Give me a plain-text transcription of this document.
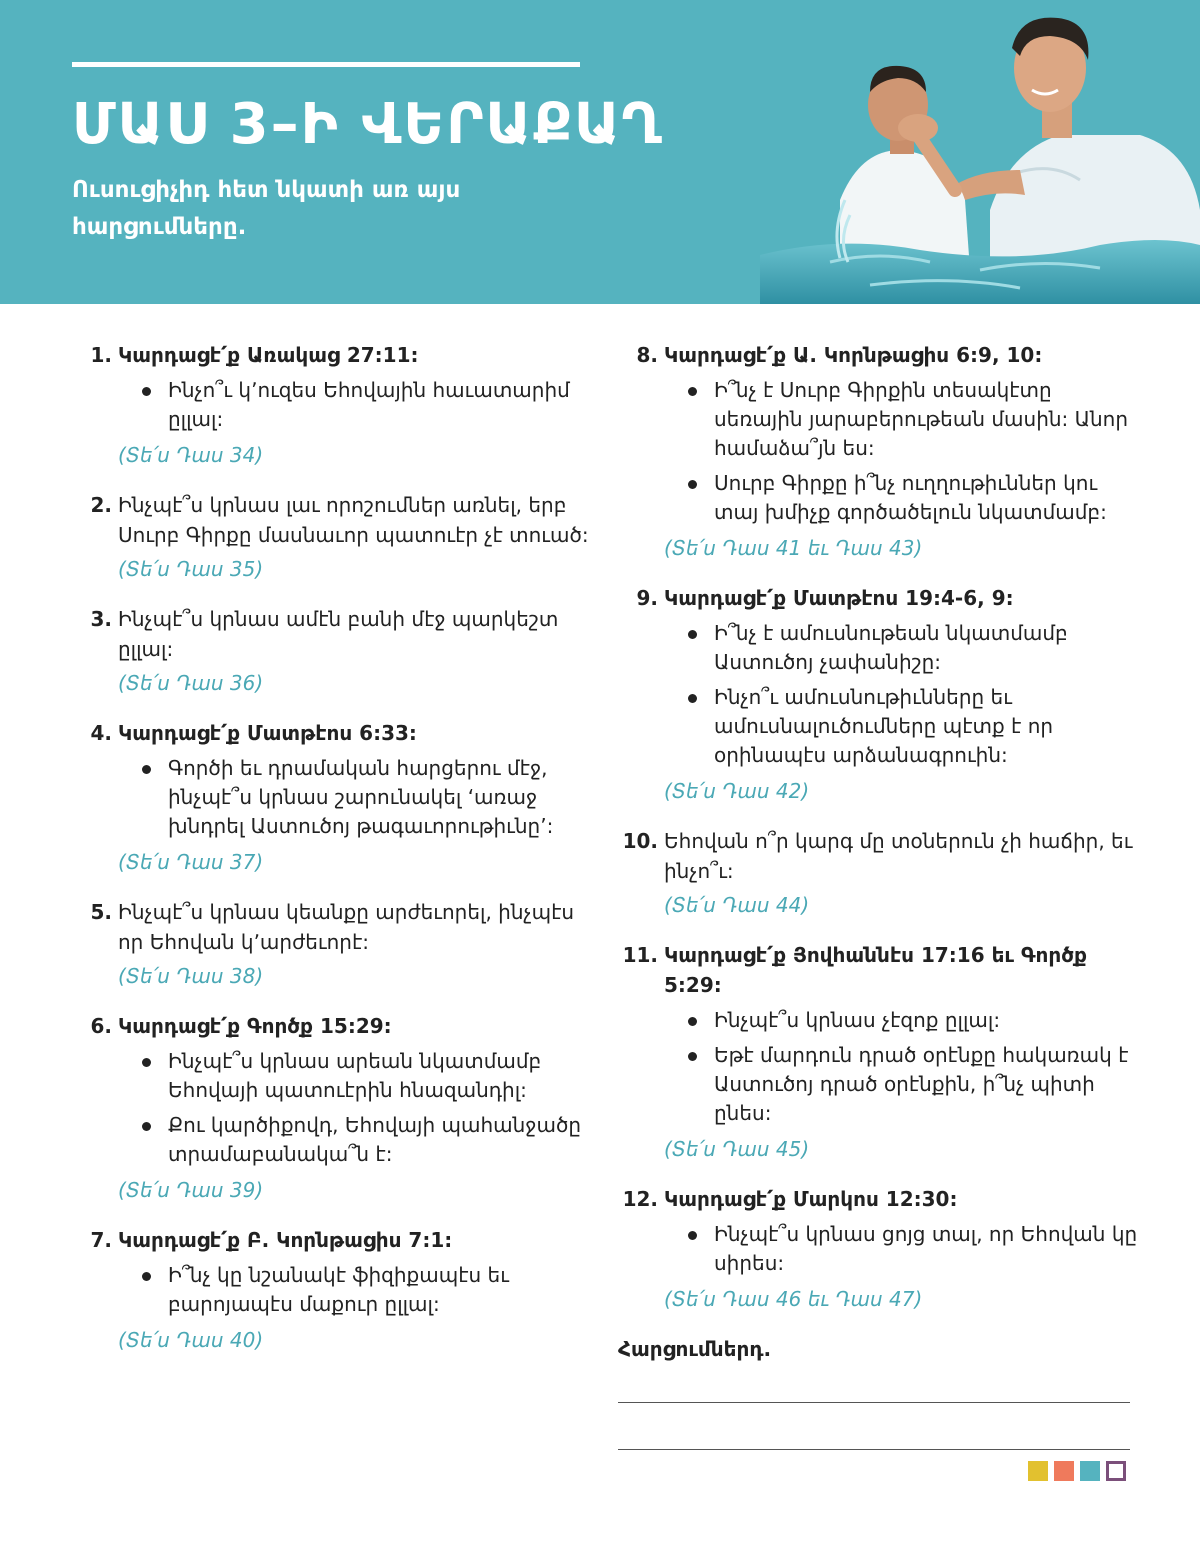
ՄԱՍ 3–Ի ՎԵՐԱՔԱՂ

Ուսուցիչիդ հետ նկատի առ այս հարցումները.

1. Կարդացէ՛ք Առակաց 27:11:
Ինչո՞ւ կ՚ուզես Եհովային հաւատարիմ ըլլալ:
(Տե՛ս Դաս 34)
2. Ինչպէ՞ս կրնաս լաւ որոշումներ առնել, երբ Սուրբ Գիրքը մասնաւոր պատուէր չէ տուած:
(Տե՛ս Դաս 35)
3. Ինչպէ՞ս կրնաս ամէն բանի մէջ պարկեշտ ըլլալ:
(Տե՛ս Դաս 36)
4. Կարդացէ՛ք Մատթէոս 6:33:
Գործի եւ դրամական հարցերու մէջ, ինչպէ՞ս կրնաս շարունակել ‘առաջ խնդրել Աստուծոյ թագաւորութիւնը’:
(Տե՛ս Դաս 37)
5. Ինչպէ՞ս կրնաս կեանքը արժեւորել, ինչպէս որ Եհովան կ՚արժեւորէ:
(Տե՛ս Դաս 38)
6. Կարդացէ՛ք Գործք 15:29:
Ինչպէ՞ս կրնաս արեան նկատմամբ Եհովայի պատուէրին հնազանդիլ:
Քու կարծիքովդ, Եհովայի պահանջածը տրամաբանակա՞ն է:
(Տե՛ս Դաս 39)
7. Կարդացէ՛ք Բ. Կորնթացիս 7:1:
Ի՞նչ կը նշանակէ ֆիզիքապէս եւ բարոյապէս մաքուր ըլլալ:
(Տե՛ս Դաս 40)
8. Կարդացէ՛ք Ա. Կորնթացիս 6:9, 10:
Ի՞նչ է Սուրբ Գիրքին տեսակէտը սեռային յարաբերութեան մասին: Անոր համաձա՞յն ես:
Սուրբ Գիրքը ի՞նչ ուղղութիւններ կու տայ խմիչք գործածելուն նկատմամբ:
(Տե՛ս Դաս 41 եւ Դաս 43)
9. Կարդացէ՛ք Մատթէոս 19:4-6, 9:
Ի՞նչ է ամուսնութեան նկատմամբ Աստուծոյ չափանիշը:
Ինչո՞ւ ամուսնութիւնները եւ ամուսնալուծումները պէտք է որ օրինապէս արձանագրուին:
(Տե՛ս Դաս 42)
10. Եհովան ո՞ր կարգ մը տօներուն չի հաճիր, եւ ինչո՞ւ:
(Տե՛ս Դաս 44)
11. Կարդացէ՛ք Յովհաննէս 17:16 եւ Գործք 5:29:
Ինչպէ՞ս կրնաս չէզոք ըլլալ:
Եթէ մարդուն դրած օրէնքը հակառակ է Աստուծոյ դրած օրէնքին, ի՞նչ պիտի ընես:
(Տե՛ս Դաս 45)
12. Կարդացէ՛ք Մարկոս 12:30:
Ինչպէ՞ս կրնաս ցոյց տալ, որ Եհովան կը սիրես:
(Տե՛ս Դաս 46 եւ Դաս 47)
Հարցումներդ.
